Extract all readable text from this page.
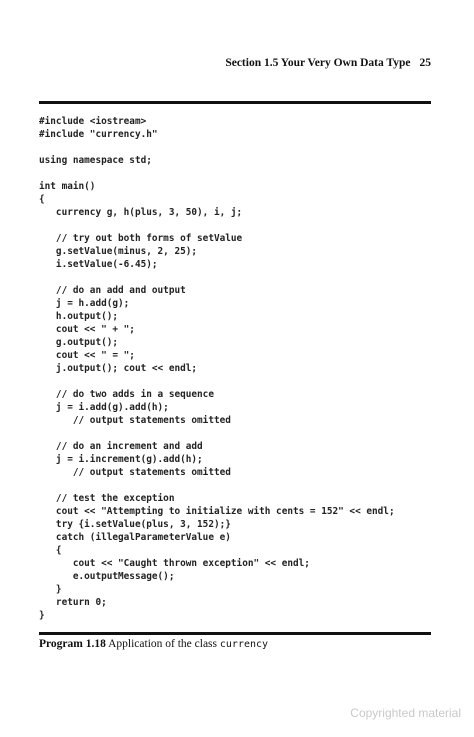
Section 1.5 Your Very Own Data Type 25
#include <iostream>
#include "currency.h"
using namespace std;
int main()
{
currency g, h(plus, 3, 50), i, j;
// try out both forms of setValue
g.setValue(minus, 2, 25);
i.setValue(-6.45);
// do an add and output
j = h.add(g);
h.output();
cout << " + ";
g.output();
cout << " = ";
j.output(); cout << endl;
// do two adds in a sequence
j = i.add(g).add(h);
// output statements omitted
// do an increment and add
j = i.increment(g).add(h);
// output statements omitted
// test the exception
cout << "Attempting to initialize with cents = 152" << endl;
try {i.setValue(plus, 3, 152);}
catch (illegalParameterValue e)
{
cout << "Caught thrown exception" << endl;
e.outputMessage();
}
return 0;
}
Program 1.18 Application of the class currency
Copyrighted material
